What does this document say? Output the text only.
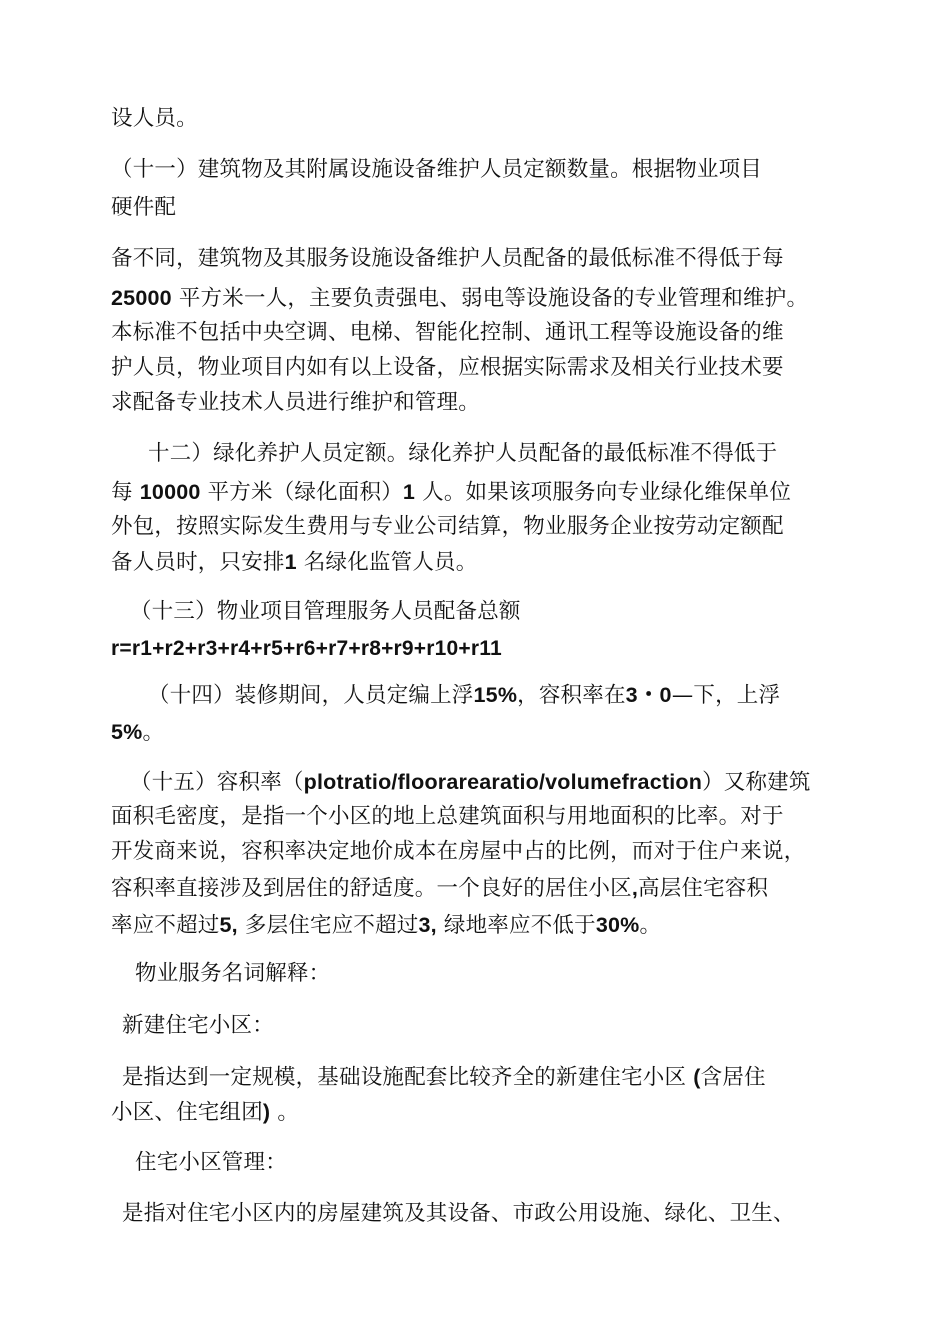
设人员。
（十一）建筑物及其附属设施设备维护人员定额数量。根据物业项目
硬件配
备不同，建筑物及其服务设施设备维护人员配备的最低标准不得低于每
25000 平方米一人，主要负责强电、弱电等设施设备的专业管理和维护。
本标准不包括中央空调、电梯、智能化控制、通讯工程等设施设备的维
护人员，物业项目内如有以上设备，应根据实际需求及相关行业技术要
求配备专业技术人员进行维护和管理。
十二）绿化养护人员定额。绿化养护人员配备的最低标准不得低于
每 10000 平方米（绿化面积）1 人。如果该项服务向专业绿化维保单位
外包，按照实际发生费用与专业公司结算，物业服务企业按劳动定额配
备人员时，只安排1 名绿化监管人员。
（十三）物业项目管理服务人员配备总额
r=r1+r2+r3+r4+r5+r6+r7+r8+r9+r10+r11
（十四）装修期间，人员定编上浮15%，容积率在3・0—下，上浮
5%。
（十五）容积率（plotratio/floorarearatio/volumefraction）又称建筑
面积毛密度，是指一个小区的地上总建筑面积与用地面积的比率。对于
开发商来说，容积率决定地价成本在房屋中占的比例，而对于住户来说，
容积率直接涉及到居住的舒适度。一个良好的居住小区,高层住宅容积
率应不超过5, 多层住宅应不超过3, 绿地率应不低于30%。
物业服务名词解释：
新建住宅小区：
是指达到一定规模，基础设施配套比较齐全的新建住宅小区 (含居住
小区、住宅组团) 。
住宅小区管理：
是指对住宅小区内的房屋建筑及其设备、市政公用设施、绿化、卫生、
